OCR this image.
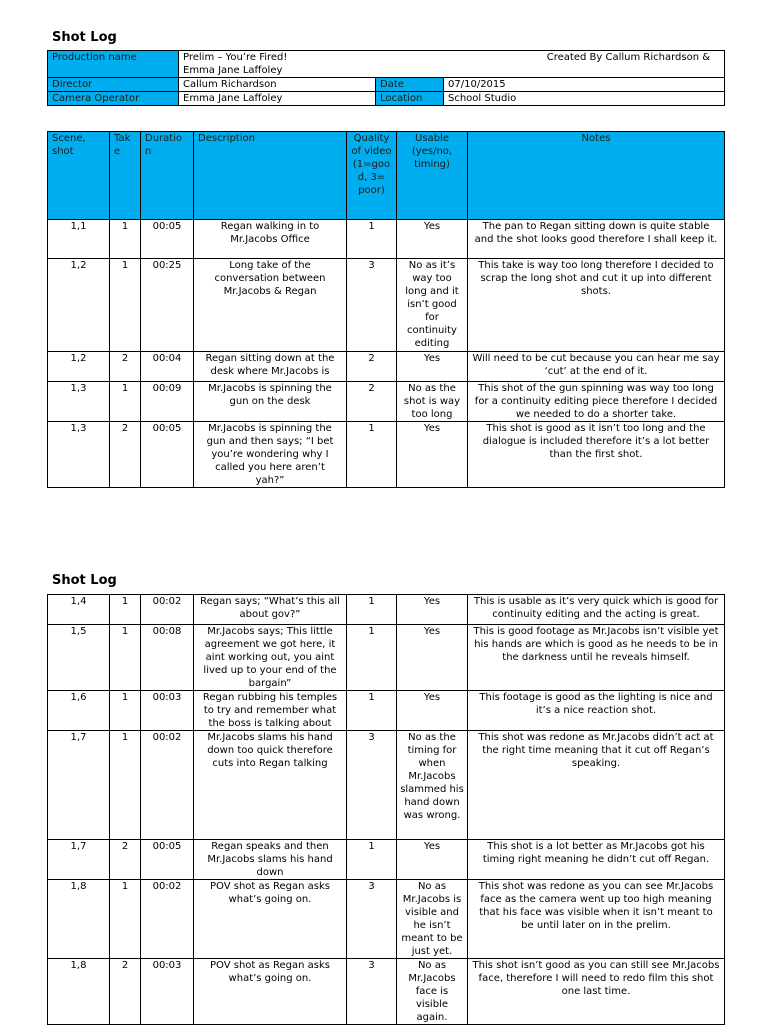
Shot Log
Production name	Prelim – You’re Fired! Created By Callum Richardson &
Emma Jane Laffoley		

Director	Callum Richardson	Date	07/10/2015
Camera Operator	Emma Jane Laffoley	Location	School Studio
Scene, shot	Tak e	Duratio n	Description	Quality of video (1=goo d, 3= poor)	Usable (yes/no, timing)	Notes
1,1	1	00:05	Regan walking in to Mr.Jacobs Office	1	Yes	The pan to Regan sitting down is quite stable and the shot looks good therefore I shall keep it.
1,2	1	00:25	Long take of the conversation between Mr.Jacobs & Regan	3	No as it’s way too long and it isn’t good for continuity editing	This take is way too long therefore I decided to scrap the long shot and cut it up into different shots.
1,2	2	00:04	Regan sitting down at the desk where Mr.Jacobs is	2	Yes	Will need to be cut because you can hear me say ‘cut’ at the end of it.
1,3	1	00:09	Mr.Jacobs is spinning the gun on the desk	2	No as the shot is way too long	This shot of the gun spinning was way too long for a continuity editing piece therefore I decided we needed to do a shorter take.
1,3	2	00:05	Mr.Jacobs is spinning the gun and then says; “I bet you’re wondering why I called you here aren’t yah?”	1	Yes	This shot is good as it isn’t too long and the dialogue is included therefore it’s a lot better than the first shot.
Shot Log
1,4	1	00:02	Regan says; “What’s this all about gov?”	1	Yes	This is usable as it’s very quick which is good for continuity editing and the acting is great.
1,5	1	00:08	Mr.Jacobs says; This little agreement we got here, it aint working out, you aint lived up to your end of the bargain”	1	Yes	This is good footage as Mr.Jacobs isn’t visible yet his hands are which is good as he needs to be in the darkness until he reveals himself.
1,6	1	00:03	Regan rubbing his temples to try and remember what the boss is talking about	1	Yes	This footage is good as the lighting is nice and it’s a nice reaction shot.
1,7	1	00:02	Mr.Jacobs slams his hand down too quick therefore cuts into Regan talking	3	No as the timing for when Mr.Jacobs slammed his hand down was wrong.	This shot was redone as Mr.Jacobs didn’t act at the right time meaning that it cut off Regan’s speaking.
1,7	2	00:05	Regan speaks and then Mr.Jacobs slams his hand down	1	Yes	This shot is a lot better as Mr.Jacobs got his timing right meaning he didn’t cut off Regan.
1,8	1	00:02	POV shot as Regan asks what’s going on.	3	No as Mr.Jacobs is visible and he isn’t meant to be just yet.	This shot was redone as you can see Mr.Jacobs face as the camera went up too high meaning that his face was visible when it isn’t meant to be until later on in the prelim.
1,8	2	00:03	POV shot as Regan asks what’s going on.	3	No as Mr.Jacobs face is visible again.	This shot isn’t good as you can still see Mr.Jacobs face, therefore I will need to redo film this shot one last time.
